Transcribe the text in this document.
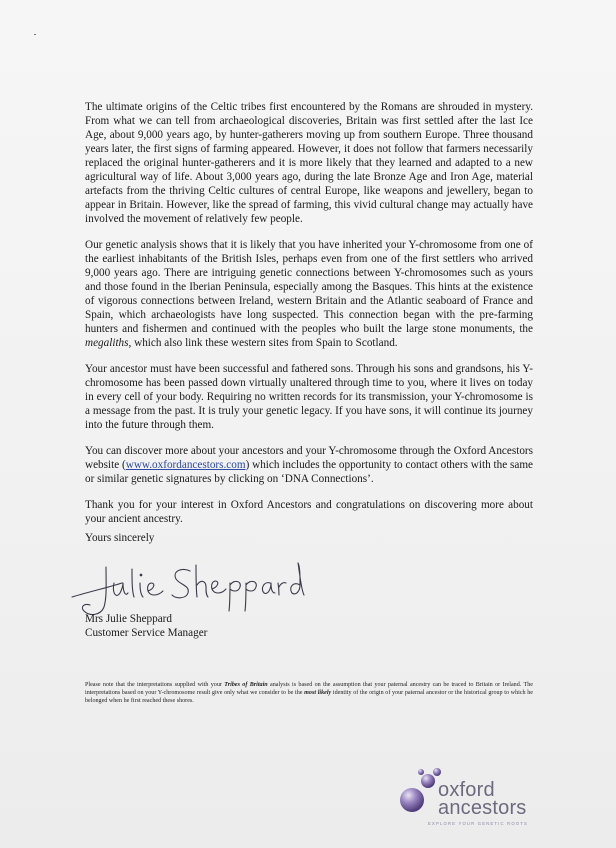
The ultimate origins of the Celtic tribes first encountered by the Romans are shrouded in mystery. From what we can tell from archaeological discoveries, Britain was first settled after the last Ice Age, about 9,000 years ago, by hunter-gatherers moving up from southern Europe. Three thousand years later, the first signs of farming appeared. However, it does not follow that farmers necessarily replaced the original hunter-gatherers and it is more likely that they learned and adapted to a new agricultural way of life. About 3,000 years ago, during the late Bronze Age and Iron Age, material artefacts from the thriving Celtic cultures of central Europe, like weapons and jewellery, began to appear in Britain. However, like the spread of farming, this vivid cultural change may actually have involved the movement of relatively few people.

Our genetic analysis shows that it is likely that you have inherited your Y-chromosome from one of the earliest inhabitants of the British Isles, perhaps even from one of the first settlers who arrived 9,000 years ago. There are intriguing genetic connections between Y-chromosomes such as yours and those found in the Iberian Peninsula, especially among the Basques. This hints at the existence of vigorous connections between Ireland, western Britain and the Atlantic seaboard of France and Spain, which archaeologists have long suspected. This connection began with the pre-farming hunters and fishermen and continued with the peoples who built the large stone monuments, the megaliths, which also link these western sites from Spain to Scotland.

Your ancestor must have been successful and fathered sons. Through his sons and grandsons, his Y-chromosome has been passed down virtually unaltered through time to you, where it lives on today in every cell of your body. Requiring no written records for its transmission, your Y-chromosome is a message from the past. It is truly your genetic legacy. If you have sons, it will continue its journey into the future through them.

You can discover more about your ancestors and your Y-chromosome through the Oxford Ancestors website (www.oxfordancestors.com) which includes the opportunity to contact others with the same or similar genetic signatures by clicking on ‘DNA Connections’.

Thank you for your interest in Oxford Ancestors and congratulations on discovering more about your ancient ancestry.

Yours sincerely
Mrs Julie Sheppard
Customer Service Manager
Please note that the interpretations supplied with your Tribes of Britain analysis is based on the assumption that your paternal ancestry can be traced to Britain or Ireland. The interpretations based on your Y-chromosome result give only what we consider to be the most likely identity of the origin of your paternal ancestor or the historical group to which he belonged when he first reached these shores.
oxford
ancestors
EXPLORE YOUR GENETIC ROOTS
